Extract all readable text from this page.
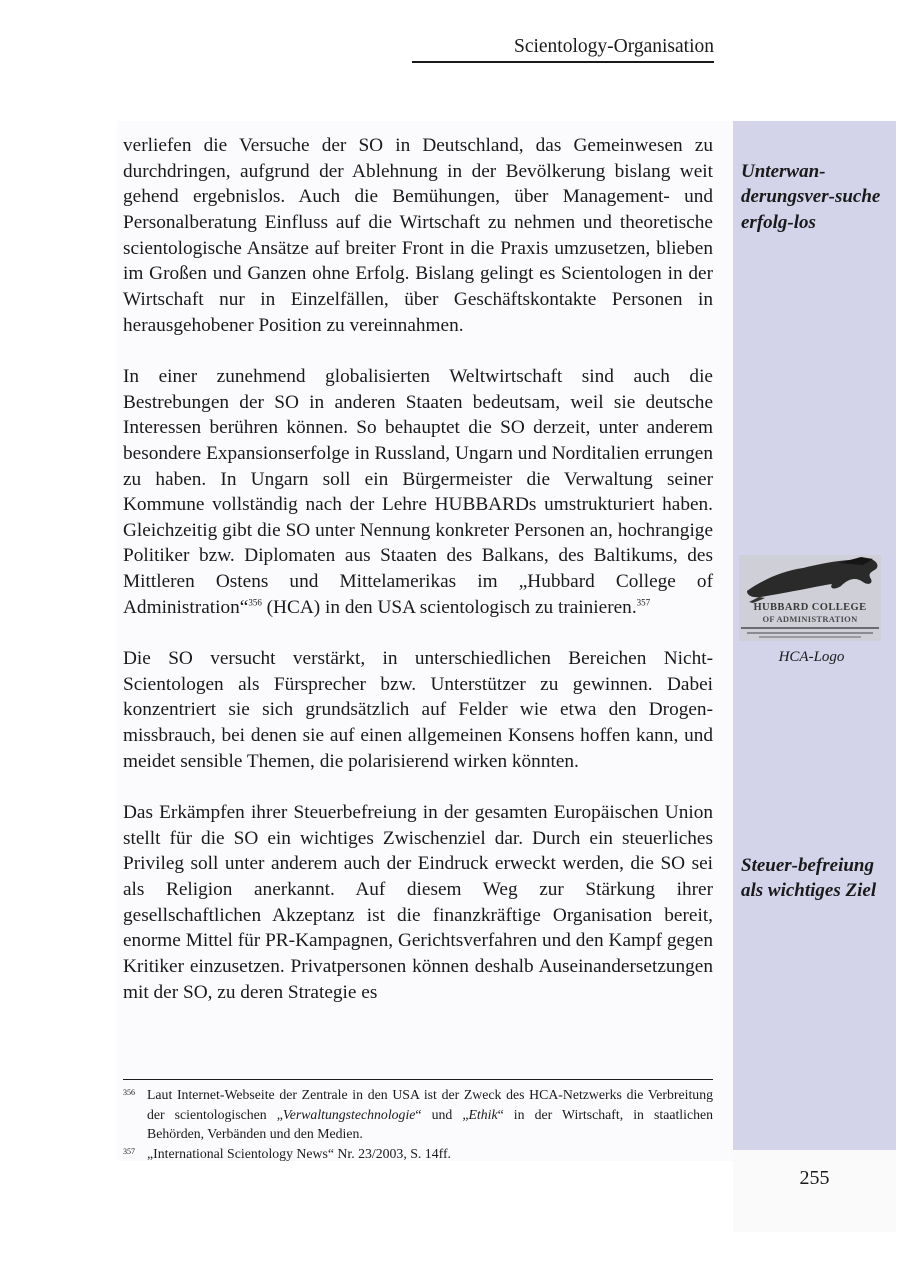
Scientology-Organisation

verliefen die Versuche der SO in Deutschland, das Gemeinwesen zu durchdringen, aufgrund der Ablehnung in der Bevölkerung bislang weit gehend ergebnislos. Auch die Bemühungen, über Management- und Personalberatung Einfluss auf die Wirtschaft zu nehmen und theoretische scientologische Ansätze auf breiter Front in die Praxis umzusetzen, blieben im Großen und Ganzen ohne Erfolg. Bislang gelingt es Scientologen in der Wirtschaft nur in Einzelfällen, über Geschäftskontakte Personen in herausgehobener Position zu vereinnahmen.

In einer zunehmend globalisierten Weltwirtschaft sind auch die Bestrebungen der SO in anderen Staaten bedeutsam, weil sie deutsche Interessen berühren können. So behauptet die SO derzeit, unter anderem besondere Expansionserfolge in Russland, Ungarn und Norditalien errungen zu haben. In Ungarn soll ein Bürgermeister die Verwaltung seiner Kommune vollständig nach der Lehre HUBBARDs umstrukturiert haben. Gleichzeitig gibt die SO unter Nennung konkreter Personen an, hochrangige Politiker bzw. Diplomaten aus Staaten des Balkans, des Baltikums, des Mittleren Ostens und Mittelamerikas im „Hubbard College of Administration“$^{356}$ (HCA) in den USA scientologisch zu trainieren.$^{357}$

Die SO versucht verstärkt, in unterschiedlichen Bereichen Nicht-Scientologen als Fürsprecher bzw. Unterstützer zu gewinnen. Dabei konzentriert sie sich grundsätzlich auf Felder wie etwa den Drogenmissbrauch, bei denen sie auf einen allgemeinen Konsens hoffen kann, und meidet sensible Themen, die polarisierend wirken könnten.

Das Erkämpfen ihrer Steuerbefreiung in der gesamten Europäischen Union stellt für die SO ein wichtiges Zwischenziel dar. Durch ein steuerliches Privileg soll unter anderem auch der Eindruck erweckt werden, die SO sei als Religion anerkannt. Auf diesem Weg zur Stärkung ihrer gesellschaftlichen Akzeptanz ist die finanzkräftige Organisation bereit, enorme Mittel für PR-Kampagnen, Gerichtsverfahren und den Kampf gegen Kritiker einzusetzen. Privatpersonen können deshalb Auseinandersetzungen mit der SO, zu deren Strategie es

Unterwan-derungsver-suche erfolg-los
Steuer-befreiung als wichtiges Ziel
HUBBARD COLLEGE
OF ADMINISTRATION
HCA-Logo
356 Laut Internet-Webseite der Zentrale in den USA ist der Zweck des HCA-Netzwerks die Verbreitung der scientologischen „Verwaltungstechnologie“ und „Ethik“ in der Wirtschaft, in staatlichen Behörden, Verbänden und den Medien.
357 „International Scientology News“ Nr. 23/2003, S. 14ff.
255
